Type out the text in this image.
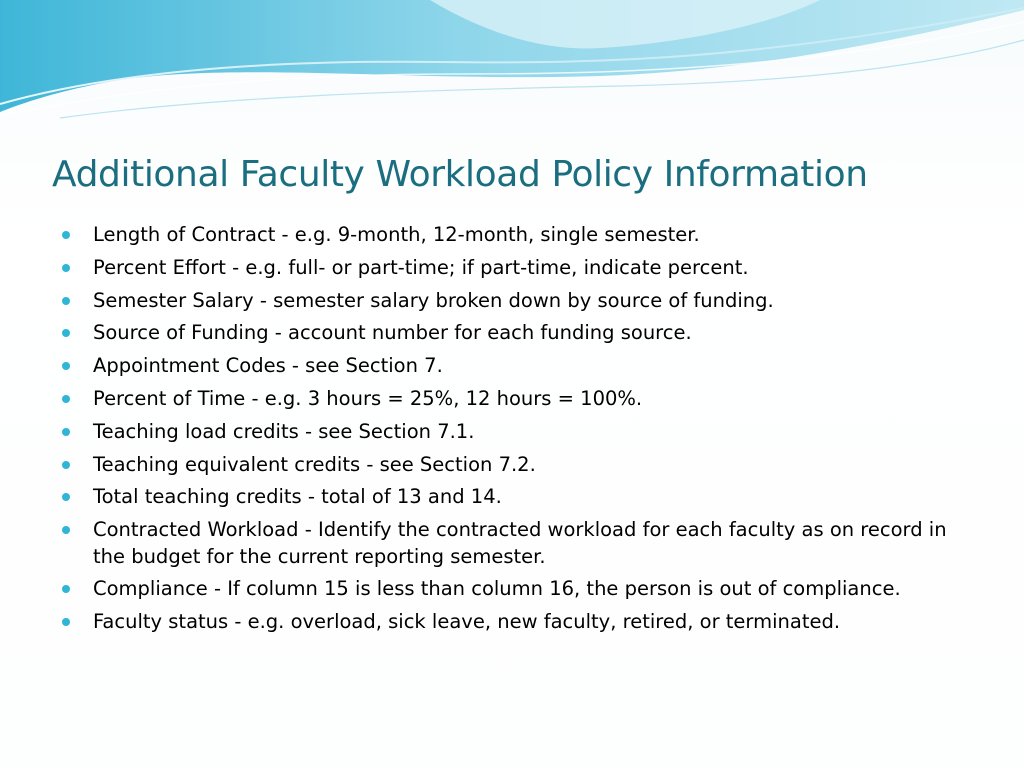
Additional Faculty Workload Policy Information
Length of Contract - e.g. 9-month, 12-month, single semester.
Percent Effort - e.g. full- or part-time; if part-time, indicate percent.
Semester Salary - semester salary broken down by source of funding.
Source of Funding - account number for each funding source.
Appointment Codes - see Section 7.
Percent of Time - e.g. 3 hours = 25%, 12 hours = 100%.
Teaching load credits - see Section 7.1.
Teaching equivalent credits - see Section 7.2.
Total teaching credits - total of 13 and 14.
Contracted Workload - Identify the contracted workload for each faculty as on record in the budget for the current reporting semester.
Compliance - If column 15 is less than column 16, the person is out of compliance.
Faculty status - e.g. overload, sick leave, new faculty, retired, or terminated.
